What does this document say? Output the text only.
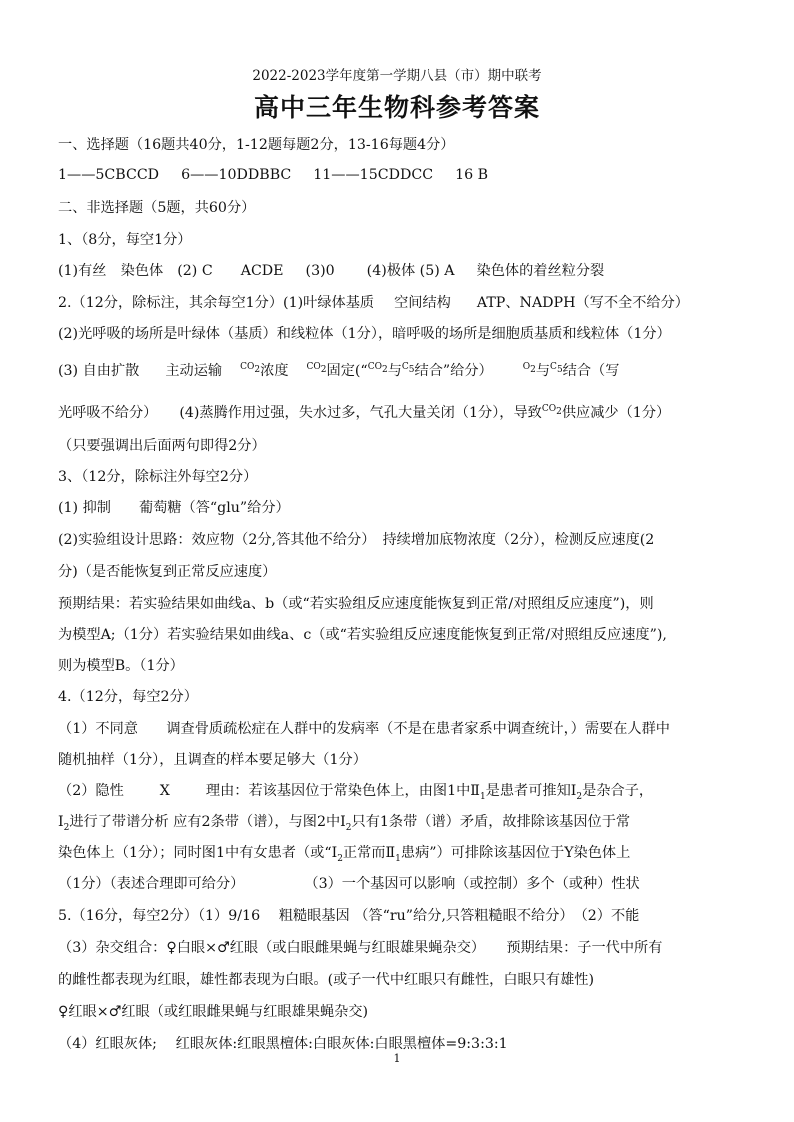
2022-2023学年度第一学期八县（市）期中联考
高中三年生物科参考答案
一、选择题（16题共40分，1-12题每题2分，13-16每题4分）
1——5CBCCD 6——10DDBBC 11——15CDDCC 16 B
二、非选择题（5题，共60分）
1、（8分，每空1分）
(1)有丝　染色体 (2) C ACDE (3)0 (4)极体 (5) A 染色体的着丝粒分裂
2.（12分，除标注，其余每空1分）(1)叶绿体基质 空间结构 ATP、NADPH（写不全不给分）
(2)光呼吸的场所是叶绿体（基质）和线粒体（1分），暗呼吸的场所是细胞质基质和线粒体（1分）
(3) 自由扩散 主动运输 $^{CO_2}$浓度 $^{CO_2}$固定(“$^{CO_2}$与$^{C_5}$结合”给分）	$^{O_2}$与$^{C_5}$结合（写
光呼吸不给分） (4)蒸腾作用过强，失水过多，气孔大量关闭（1分），导致$^{CO_2}$供应减少（1分）
（只要强调出后面两句即得2分）
3、（12分，除标注外每空2分）
(1) 抑制 葡萄糖（答“glu”给分）
(2)实验组设计思路：效应物（2分,答其他不给分）　持续增加底物浓度（2分），检测反应速度(2
分)（是否能恢复到正常反应速度）
预期结果：若实验结果如曲线a、b（或“若实验组反应速度能恢复到正常/对照组反应速度”)，则
为模型A;（1分）若实验结果如曲线a、c（或“若实验组反应速度能恢复到正常/对照组反应速度”),
则为模型B。（1分）
4.（12分，每空2分）
（1）不同意　　调查骨质疏松症在人群中的发病率（不是在患者家系中调查统计，）需要在人群中
随机抽样（1分），且调查的样本要足够大（1分）
（2）隐性	X	理由：若该基因位于常染色体上，由图1中$Ⅱ_1$是患者可推知$Ⅰ_2$是杂合子，
$Ⅰ_2$进行了带谱分析 应有2条带（谱），与图2中$Ⅰ_2$只有1条带（谱）矛盾，故排除该基因位于常
染色体上（1分）；同时图1中有女患者（或“$Ⅰ_2$正常而$Ⅱ_1$患病”）可排除该基因位于Y染色体上
（1分）（表述合理即可给分）	（3）一个基因可以影响（或控制）多个（或种）性状
5.（16分，每空2分）（1）9/16　 粗糙眼基因 （答“ru”给分,只答粗糙眼不给分）　（2）不能
（3）杂交组合：♀白眼×♂红眼（或白眼雌果蝇与红眼雄果蝇杂交）　　预期结果：子一代中所有
的雌性都表现为红眼，雄性都表现为白眼。(或子一代中红眼只有雌性，白眼只有雄性)
♀红眼×♂红眼（或红眼雌果蝇与红眼雄果蝇杂交)
（4）红眼灰体;　 红眼灰体:红眼黑檀体:白眼灰体:白眼黑檀体=9:3:3:1
1
